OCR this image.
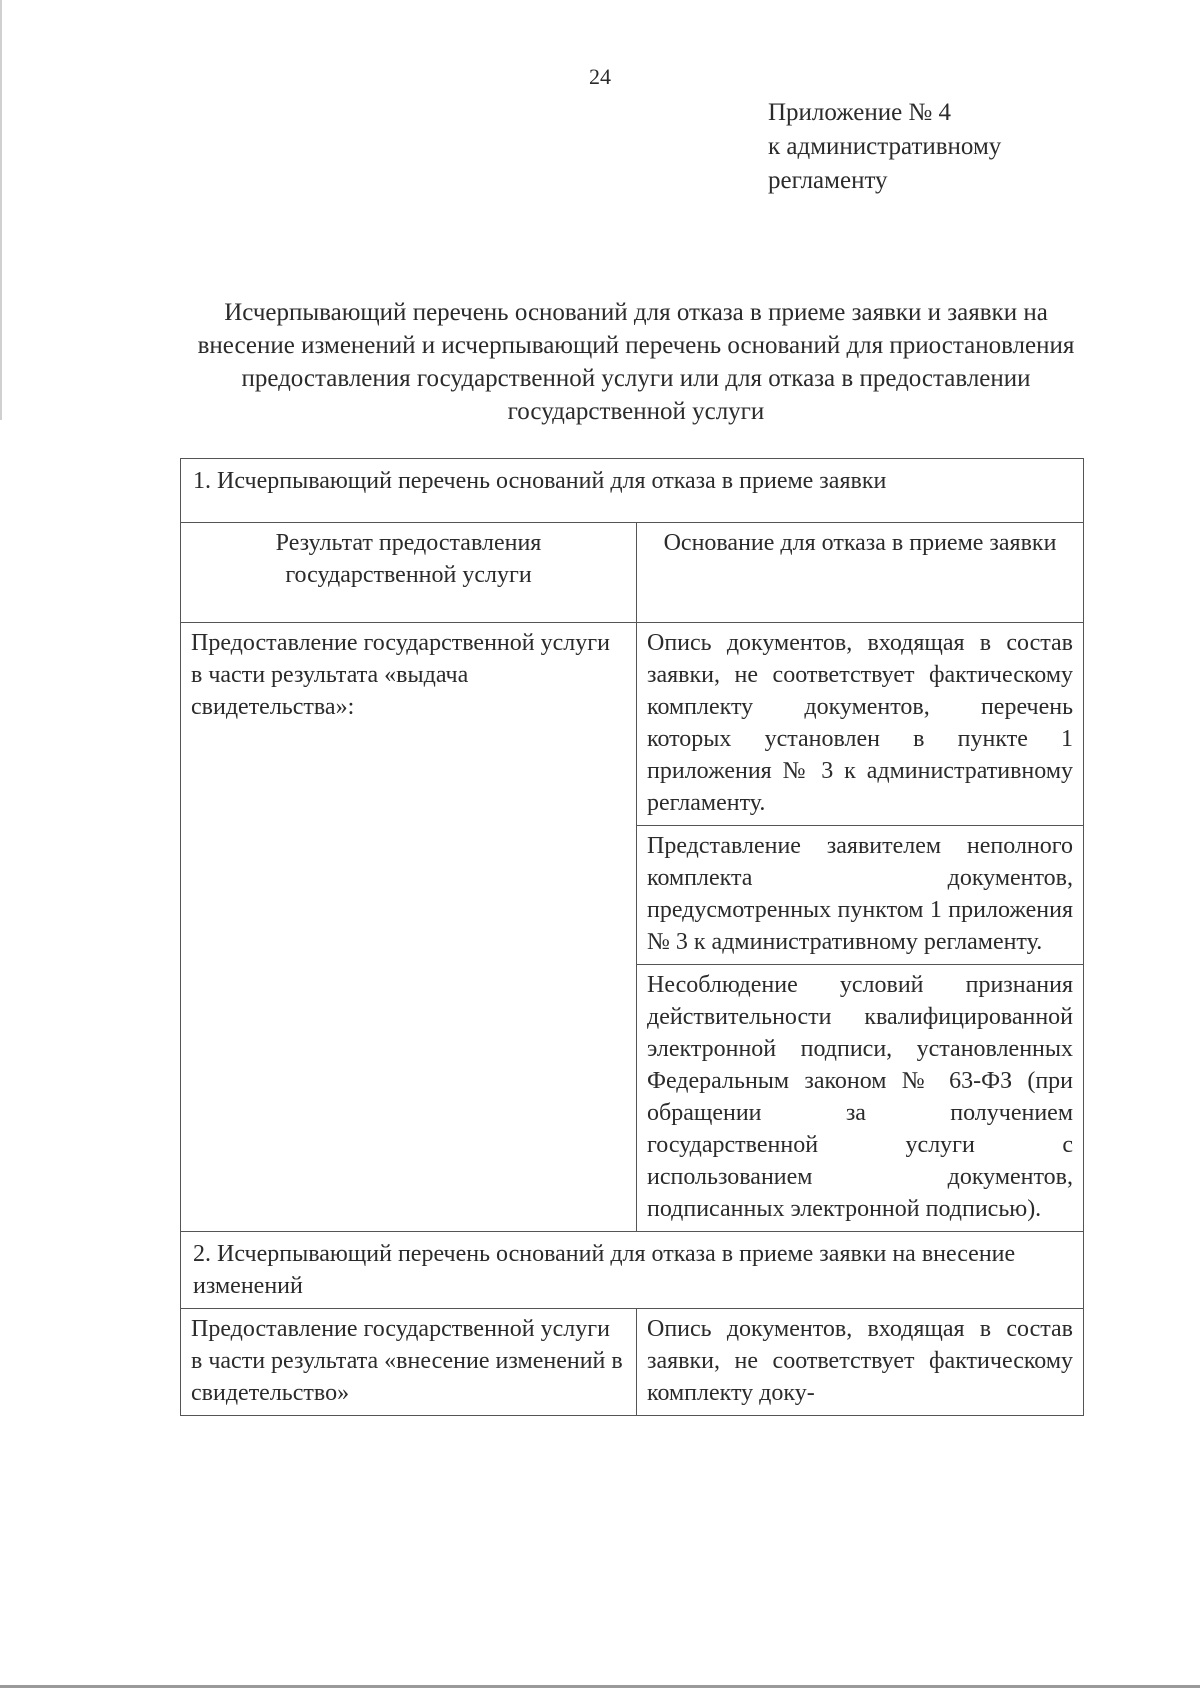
24
Приложение № 4
к административному
регламенту
Исчерпывающий перечень оснований для отказа в приеме заявки и заявки на внесение изменений и исчерпывающий перечень оснований для приостановления предоставления государственной услуги или для отказа в предоставлении государственной услуги
1. Исчерпывающий перечень оснований для отказа в приеме заявки	
Результат предоставления государственной услуги	Основание для отказа в приеме заявки
Предоставление государственной услуги в части результата «выдача свидетельства»:	Опись документов, входящая в состав заявки, не соответствует фактическому комплекту документов, перечень которых установлен в пункте 1 приложения № 3 к административному регламенту.
	Представление заявителем неполного комплекта документов, предусмотренных пунктом 1 приложения № 3 к административному регламенту.
	Несоблюдение условий признания действительности квалифицированной электронной подписи, установленных Федеральным законом № 63-ФЗ (при обращении за получением государственной услуги с использованием документов, подписанных электронной подписью).
2. Исчерпывающий перечень оснований для отказа в приеме заявки на внесение изменений	
Предоставление государственной услуги в части результата «внесение изменений в свидетельство»	Опись документов, входящая в состав заявки, не соответствует фактическому комплекту доку-
